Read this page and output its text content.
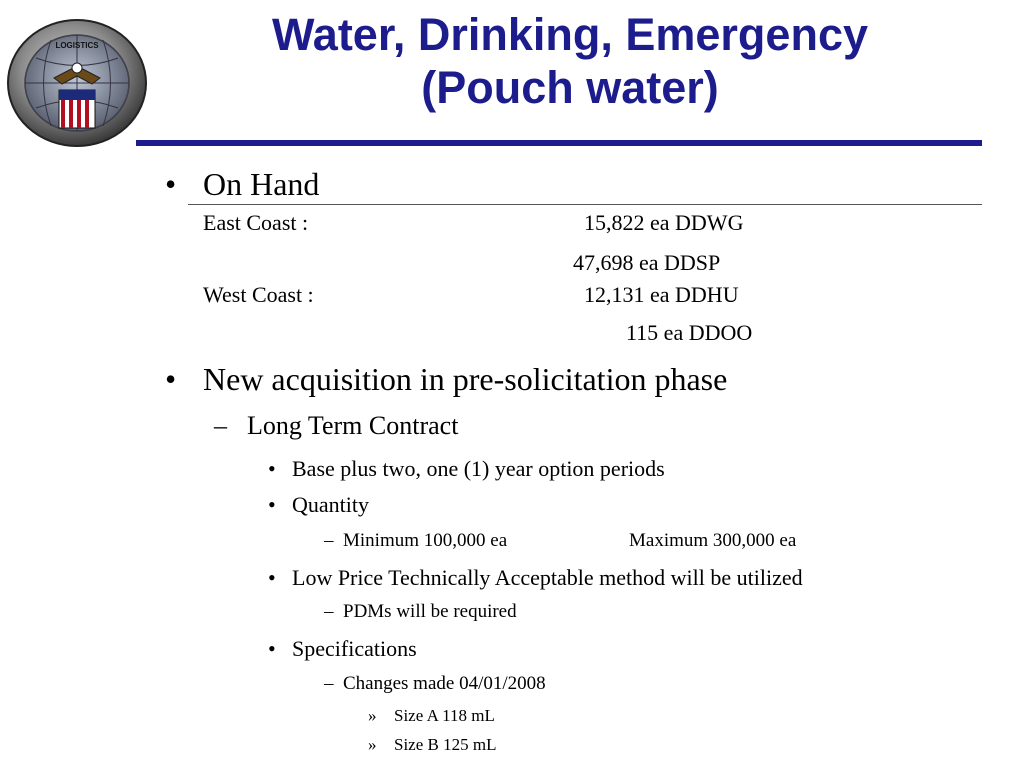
LOGISTICS	Water, Drinking, Emergency
(Pouch water)
• On Hand
East Coast :	15,822 ea DDWG
47,698 ea DDSP
West Coast :	12,131 ea DDHU
115 ea DDOO
• New acquisition in pre-solicitation phase
– Long Term Contract
• Base plus two, one (1) year option periods
• Quantity
– Minimum 100,000 ea	Maximum 300,000 ea
• Low Price Technically Acceptable method will be utilized
– PDMs will be required
• Specifications
– Changes made 04/01/2008
» Size A 118 mL
» Size B 125 mL
